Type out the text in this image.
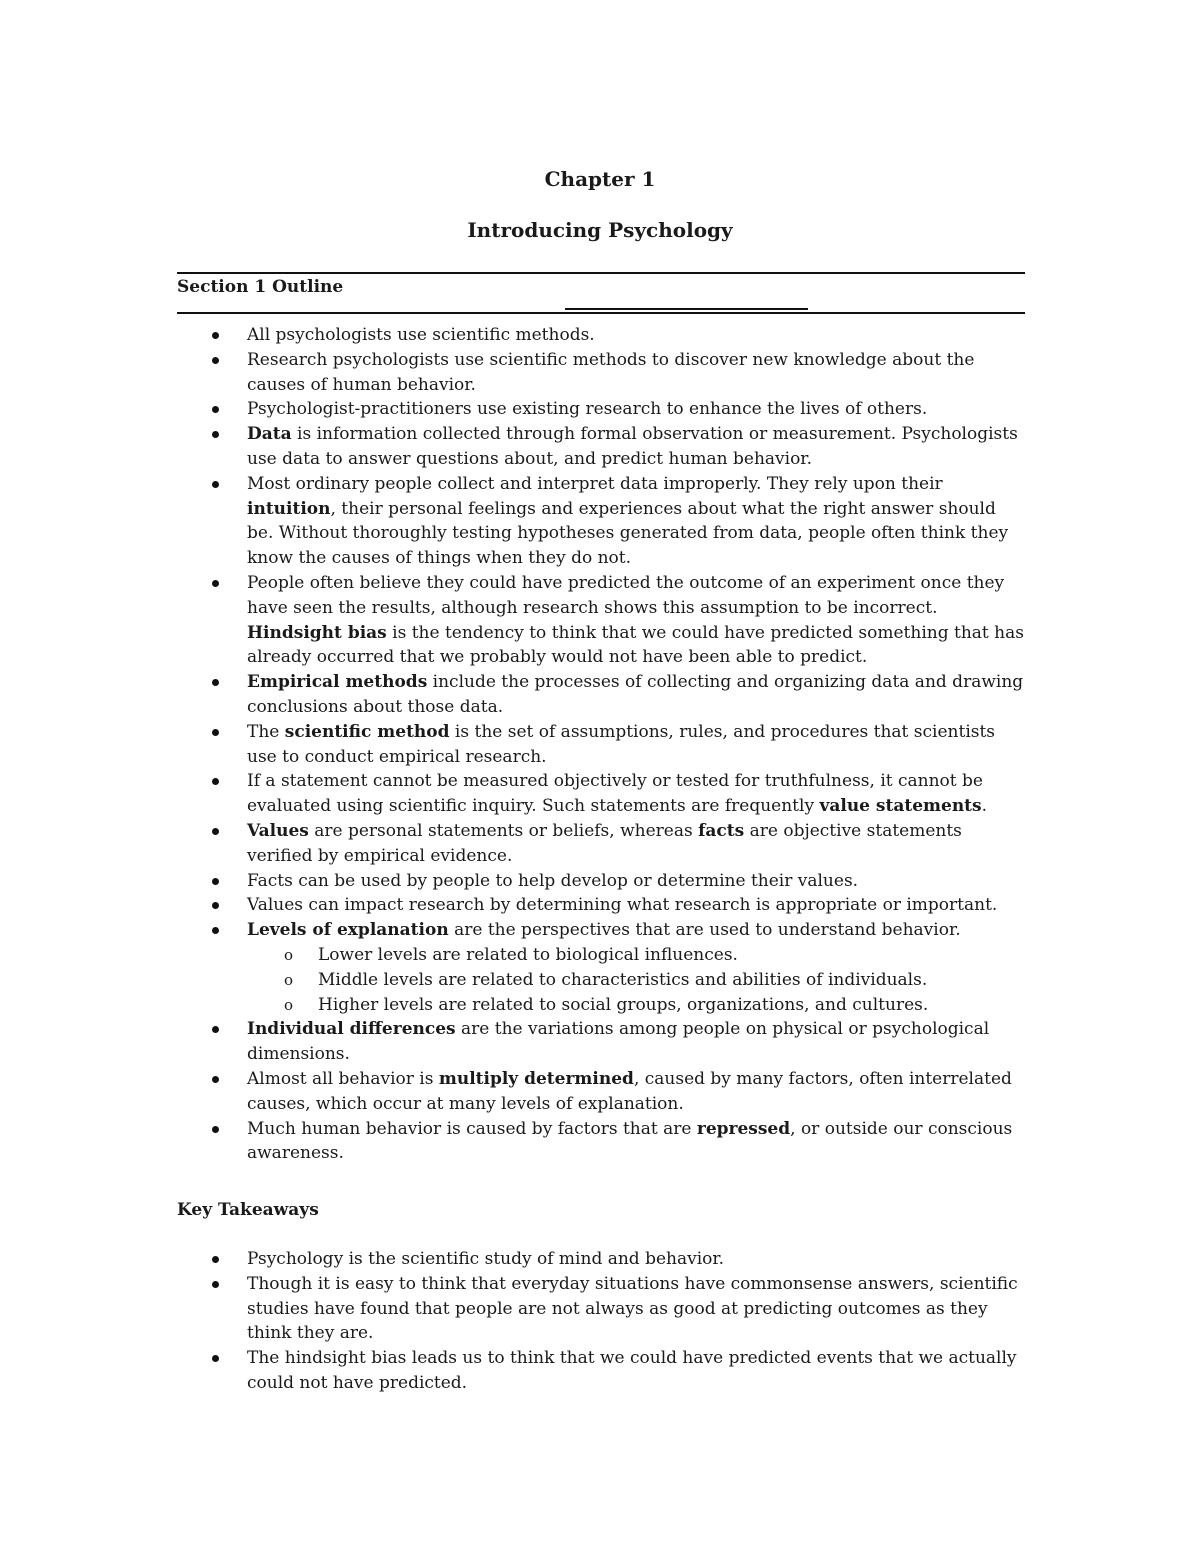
Chapter 1
Introducing Psychology
Section 1 Outline
All psychologists use scientific methods.
Research psychologists use scientific methods to discover new knowledge about the causes of human behavior.
Psychologist-practitioners use existing research to enhance the lives of others.
Data is information collected through formal observation or measurement. Psychologists use data to answer questions about, and predict human behavior.
Most ordinary people collect and interpret data improperly. They rely upon their intuition, their personal feelings and experiences about what the right answer should be. Without thoroughly testing hypotheses generated from data, people often think they know the causes of things when they do not.
People often believe they could have predicted the outcome of an experiment once they have seen the results, although research shows this assumption to be incorrect. Hindsight bias is the tendency to think that we could have predicted something that has already occurred that we probably would not have been able to predict.
Empirical methods include the processes of collecting and organizing data and drawing conclusions about those data.
The scientific method is the set of assumptions, rules, and procedures that scientists use to conduct empirical research.
If a statement cannot be measured objectively or tested for truthfulness, it cannot be evaluated using scientific inquiry. Such statements are frequently value statements.
Values are personal statements or beliefs, whereas facts are objective statements verified by empirical evidence.
Facts can be used by people to help develop or determine their values.
Values can impact research by determining what research is appropriate or important.
Levels of explanation are the perspectives that are used to understand behavior.
o Lower levels are related to biological influences.
o Middle levels are related to characteristics and abilities of individuals.
o Higher levels are related to social groups, organizations, and cultures.
Individual differences are the variations among people on physical or psychological dimensions.
Almost all behavior is multiply determined, caused by many factors, often interrelated causes, which occur at many levels of explanation.
Much human behavior is caused by factors that are repressed, or outside our conscious awareness.
Key Takeaways
Psychology is the scientific study of mind and behavior.
Though it is easy to think that everyday situations have commonsense answers, scientific studies have found that people are not always as good at predicting outcomes as they think they are.
The hindsight bias leads us to think that we could have predicted events that we actually could not have predicted.
